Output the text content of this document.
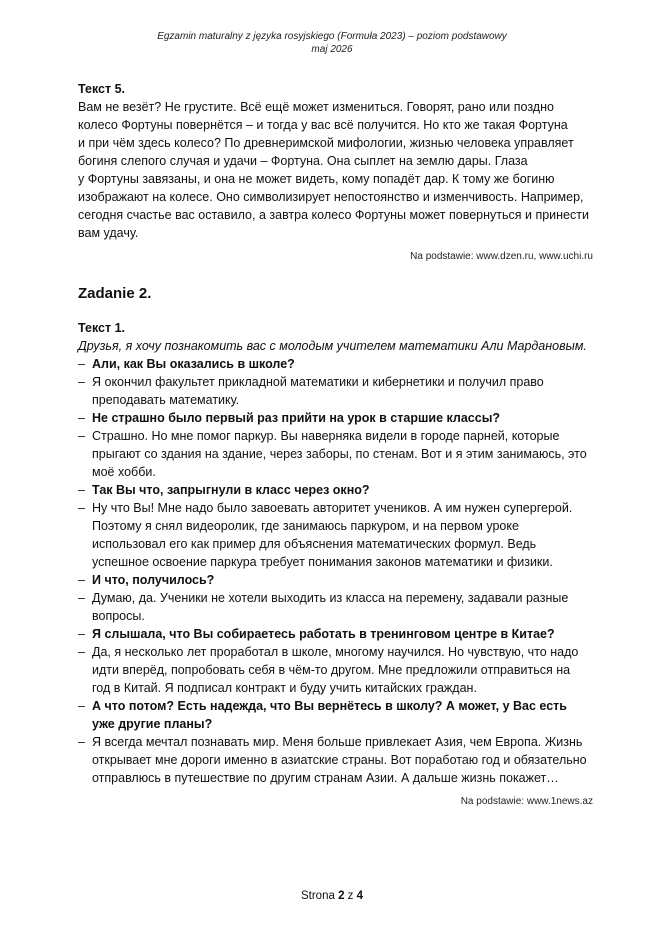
Egzamin maturalny z języka rosyjskiego (Formuła 2023) – poziom podstawowy
maj 2026

Текст 5.

Вам не везёт? Не грустите. Всё ещё может измениться. Говорят, рано или поздно
колесо Фортуны повернётся – и тогда у вас всё получится. Но кто же такая Фортуна
и при чём здесь колесо? По древнеримской мифологии, жизнью человека управляет
богиня слепого случая и удачи – Фортуна. Она сыплет на землю дары. Глаза
у Фортуны завязаны, и она не может видеть, кому попадёт дар. К тому же богиню
изображают на колесе. Оно символизирует непостоянство и изменчивость. Например,
сегодня счастье вас оставило, а завтра колесо Фортуны может повернуться и принести
вам удачу.
Na podstawie: www.dzen.ru, www.uchi.ru
Zadanie 2.

Текст 1.

Друзья, я хочу познакомить вас с молодым учителем математики Али Мардановым.

– Али, как Вы оказались в школе?
– Я окончил факультет прикладной математики и кибернетики и получил право
преподавать математику.
– Не страшно было первый раз прийти на урок в старшие классы?
– Страшно. Но мне помог паркур. Вы наверняка видели в городе парней, которые
прыгают со здания на здание, через заборы, по стенам. Вот и я этим занимаюсь, это
моё хобби.
– Так Вы что, запрыгнули в класс через окно?
– Ну что Вы! Мне надо было завоевать авторитет учеников. А им нужен супергерой.
Поэтому я снял видеоролик, где занимаюсь паркуром, и на первом уроке
использовал его как пример для объяснения математических формул. Ведь
успешное освоение паркура требует понимания законов математики и физики.
– И что, получилось?
– Думаю, да. Ученики не хотели выходить из класса на перемену, задавали разные
вопросы.
– Я слышала, что Вы собираетесь работать в тренинговом центре в Китае?
– Да, я несколько лет проработал в школе, многому научился. Но чувствую, что надо
идти вперёд, попробовать себя в чём-то другом. Мне предложили отправиться на
год в Китай. Я подписал контракт и буду учить китайских граждан.
– А что потом? Есть надежда, что Вы вернётесь в школу? А может, у Вас есть
уже другие планы?
– Я всегда мечтал познавать мир. Меня больше привлекает Азия, чем Европа. Жизнь
открывает мне дороги именно в азиатские страны. Вот поработаю год и обязательно
отправлюсь в путешествие по другим странам Азии. А дальше жизнь покажет…
Na podstawie: www.1news.az
Strona 2 z 4
